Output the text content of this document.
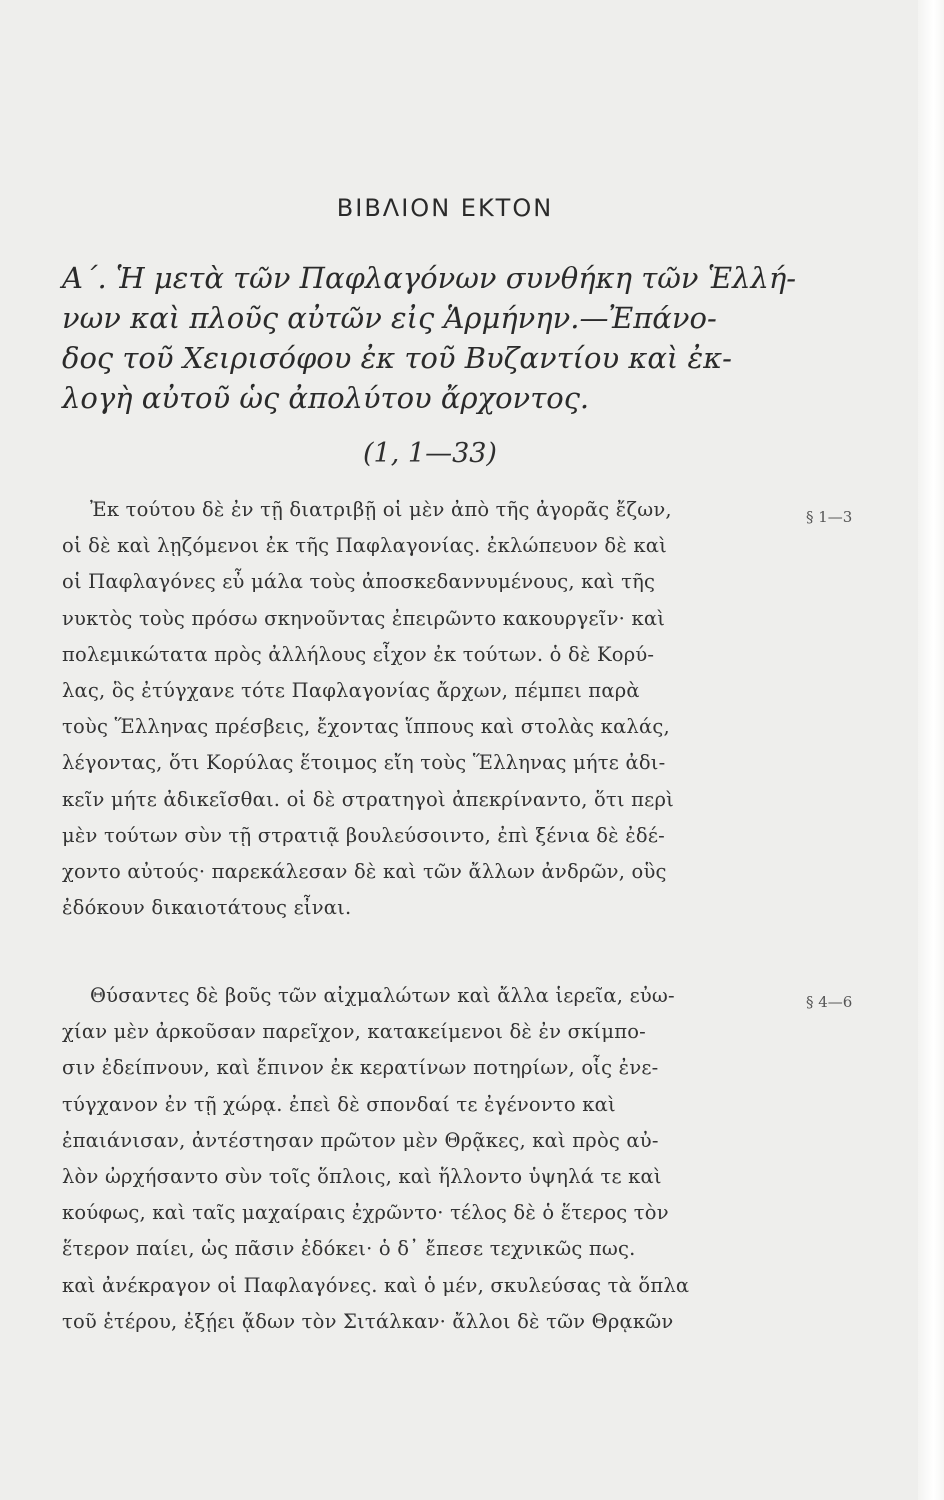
ΒΙΒΛΙΟΝ ΕΚΤΟΝ
Α΄. Ἡ μετὰ τῶν Παφλαγόνων συνθήκη τῶν Ἑλλή-
νων καὶ πλοῦς αὐτῶν εἰς Ἁρμήνην.—Ἐπάνο-
δος τοῦ Χειρισόφου ἐκ τοῦ Βυζαντίου καὶ ἐκ-
λογὴ αὐτοῦ ὡς ἀπολύτου ἄρχοντος.
(1, 1—33)
§ 1—3
Ἐκ τούτου δὲ ἐν τῇ διατριβῇ οἱ μὲν ἀπὸ τῆς ἀγορᾶς ἔζων,
οἱ δὲ καὶ λῃζόμενοι ἐκ τῆς Παφλαγονίας. ἐκλώπευον δὲ καὶ
οἱ Παφλαγόνες εὖ μάλα τοὺς ἀποσκεδαννυμένους, καὶ τῆς
νυκτὸς τοὺς πρόσω σκηνοῦντας ἐπειρῶντο κακουργεῖν· καὶ
πολεμικώτατα πρὸς ἀλλήλους εἶχον ἐκ τούτων. ὁ δὲ Κορύ-
λας, ὃς ἐτύγχανε τότε Παφλαγονίας ἄρχων, πέμπει παρὰ
τοὺς Ἕλληνας πρέσβεις, ἔχοντας ἵππους καὶ στολὰς καλάς,
λέγοντας, ὅτι Κορύλας ἕτοιμος εἴη τοὺς Ἕλληνας μήτε ἀδι-
κεῖν μήτε ἀδικεῖσθαι. οἱ δὲ στρατηγοὶ ἀπεκρίναντο, ὅτι περὶ
μὲν τούτων σὺν τῇ στρατιᾷ βουλεύσοιντο, ἐπὶ ξένια δὲ ἐδέ-
χοντο αὐτούς· παρεκάλεσαν δὲ καὶ τῶν ἄλλων ἀνδρῶν, οὓς
ἐδόκουν δικαιοτάτους εἶναι.
§ 4—6
Θύσαντες δὲ βοῦς τῶν αἰχμαλώτων καὶ ἄλλα ἱερεῖα, εὐω-
χίαν μὲν ἀρκοῦσαν παρεῖχον, κατακείμενοι δὲ ἐν σκίμπο-
σιν ἐδείπνουν, καὶ ἔπινον ἐκ κερατίνων ποτηρίων, οἷς ἐνε-
τύγχανον ἐν τῇ χώρᾳ. ἐπεὶ δὲ σπονδαί τε ἐγένοντο καὶ
ἐπαιάνισαν, ἀντέστησαν πρῶτον μὲν Θρᾷκες, καὶ πρὸς αὐ-
λὸν ὠρχήσαντο σὺν τοῖς ὅπλοις, καὶ ἥλλοντο ὑψηλά τε καὶ
κούφως, καὶ ταῖς μαχαίραις ἐχρῶντο· τέλος δὲ ὁ ἕτερος τὸν
ἕτερον παίει, ὡς πᾶσιν ἐδόκει· ὁ δ᾽ ἔπεσε τεχνικῶς πως.
καὶ ἀνέκραγον οἱ Παφλαγόνες. καὶ ὁ μέν, σκυλεύσας τὰ ὅπλα
τοῦ ἑτέρου, ἐξῄει ᾄδων τὸν Σιτάλκαν· ἄλλοι δὲ τῶν Θρᾳκῶν
